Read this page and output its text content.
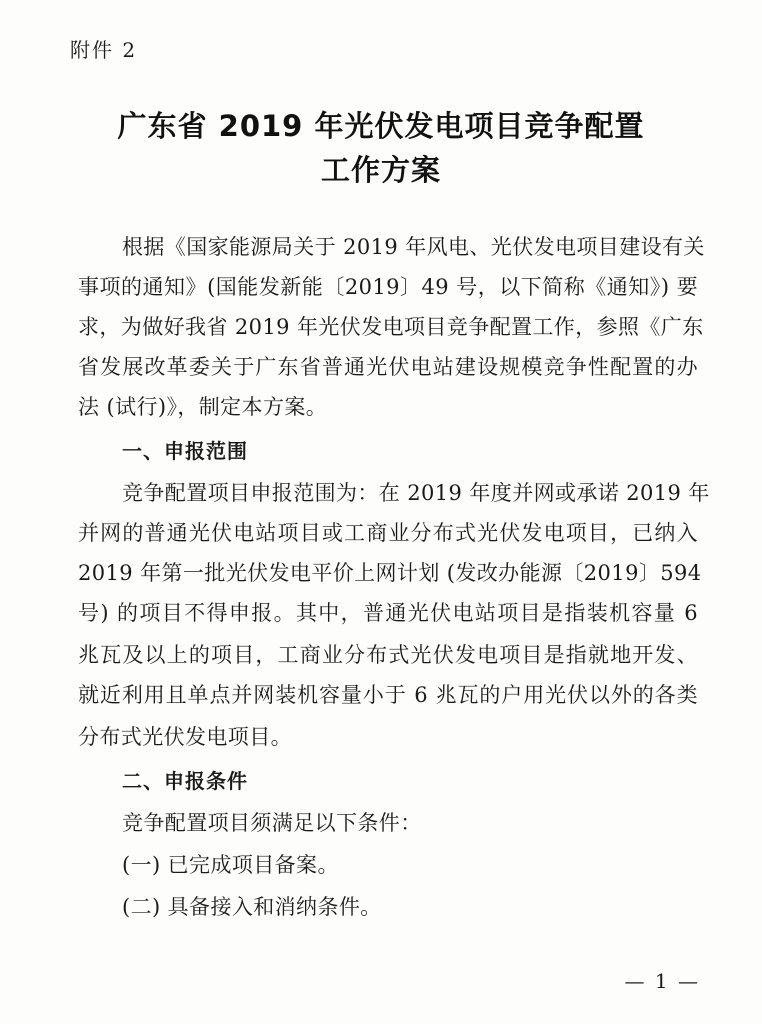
附件 2
广东省 2019 年光伏发电项目竞争配置
工作方案
根据《国家能源局关于 2019 年风电、光伏发电项目建设有关
事项的通知》(国能发新能〔2019〕49 号，以下简称《通知》) 要
求，为做好我省 2019 年光伏发电项目竞争配置工作，参照《广东
省发展改革委关于广东省普通光伏电站建设规模竞争性配置的办
法 (试行)》，制定本方案。
一、申报范围
竞争配置项目申报范围为：在 2019 年度并网或承诺 2019 年
并网的普通光伏电站项目或工商业分布式光伏发电项目，已纳入
2019 年第一批光伏发电平价上网计划 (发改办能源〔2019〕594
号) 的项目不得申报。其中，普通光伏电站项目是指装机容量 6
兆瓦及以上的项目，工商业分布式光伏发电项目是指就地开发、
就近利用且单点并网装机容量小于 6 兆瓦的户用光伏以外的各类
分布式光伏发电项目。
二、申报条件
竞争配置项目须满足以下条件：
(一) 已完成项目备案。
(二) 具备接入和消纳条件。
— 1 —
